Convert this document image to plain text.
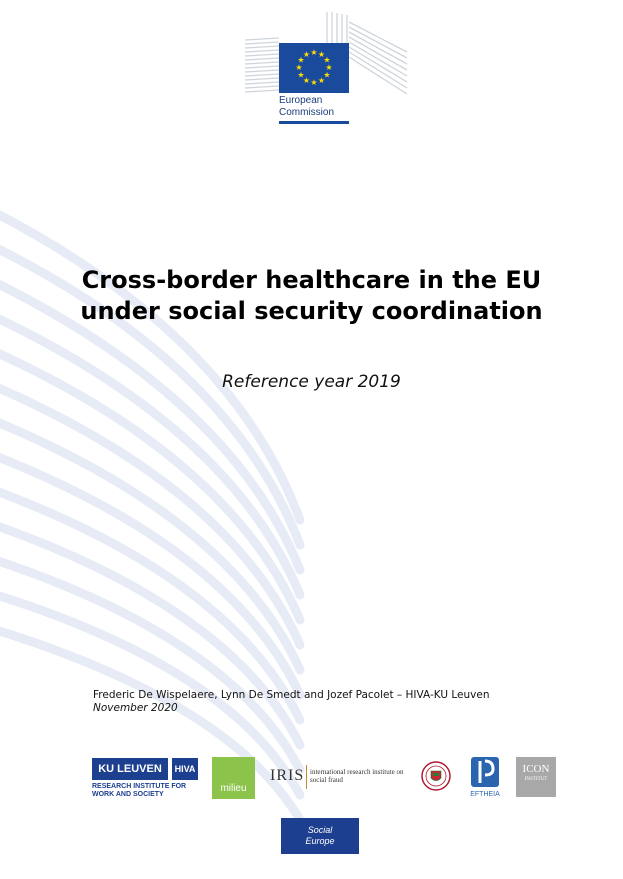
★ ★
★
★
★
★
★
★
★
★
★
★
European
Commission
Cross-border healthcare in the EU under social security coordination
Reference year 2019
Frederic De Wispelaere, Lynn De Smedt and Jozef Pacolet – HIVA-KU Leuven
November 2020
KU LEUVEN	HIVA
RESEARCH INSTITUTE FOR
WORK AND SOCIETY
milieu
IRIS international research institute on social fraud
EFTHEIA
ICON
INSTITUT
Social
Europe
